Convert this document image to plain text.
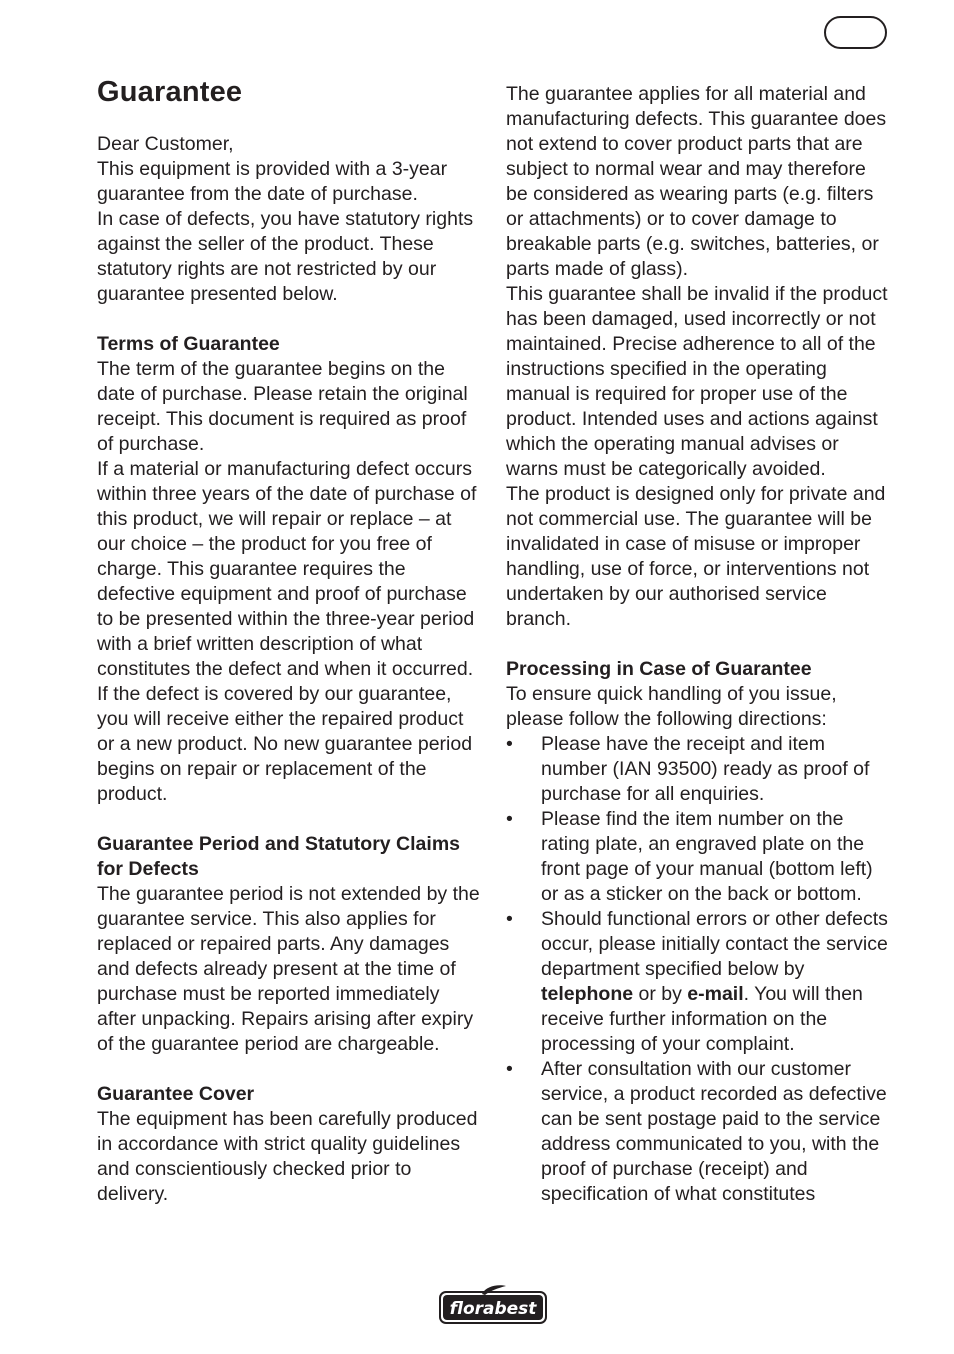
Guarantee

Dear Customer,

This equipment is provided with a 3-year guarantee from the date of purchase.

In case of defects, you have statutory rights against the seller of the product. These statutory rights are not restricted by our guarantee presented below.

Terms of Guarantee

The term of the guarantee begins on the date of purchase. Please retain the original receipt. This document is required as proof of purchase.

If a material or manufacturing defect occurs within three years of the date of purchase of this product, we will repair or replace – at our choice – the product for you free of charge. This guarantee requires the defective equipment and proof of purchase to be presented within the three-year period with a brief written description of what constitutes the defect and when it occurred.

If the defect is covered by our guarantee, you will receive either the repaired product or a new product. No new guarantee period begins on repair or replacement of the product.

Guarantee Period and Statutory Claims for Defects

The guarantee period is not extended by the guarantee service. This also applies for replaced or repaired parts. Any damages and defects already present at the time of purchase must be reported immediately after unpacking. Repairs arising after expiry of the guarantee period are chargeable.

Guarantee Cover

The equipment has been carefully produced in accordance with strict quality guidelines and conscientiously checked prior to delivery.

The guarantee applies for all material and manufacturing defects. This guarantee does not extend to cover product parts that are subject to normal wear and may therefore be considered as wearing parts (e.g. filters or attachments) or to cover damage to breakable parts (e.g. switches, batteries, or parts made of glass).

This guarantee shall be invalid if the product has been damaged, used incorrectly or not maintained. Precise adherence to all of the instructions specified in the operating manual is required for proper use of the product. Intended uses and actions against which the operating manual advises or warns must be categorically avoided.

The product is designed only for private and not commercial use. The guarantee will be invalidated in case of misuse or improper handling, use of force, or interventions not undertaken by our authorised service branch.

Processing in Case of Guarantee

To ensure quick handling of you issue, please follow the following directions:

• Please have the receipt and item number (IAN 93500) ready as proof of purchase for all enquiries.
• Please find the item number on the rating plate, an engraved plate on the front page of your manual (bottom left) or as a sticker on the back or bottom.
• Should functional errors or other defects occur, please initially contact the service department specified below by telephone or by e-mail. You will then receive further information on the processing of your complaint.
• After consultation with our customer service, a product recorded as defective can be sent postage paid to the service address communicated to you, with the proof of purchase (receipt) and specification of what constitutes
florabest
